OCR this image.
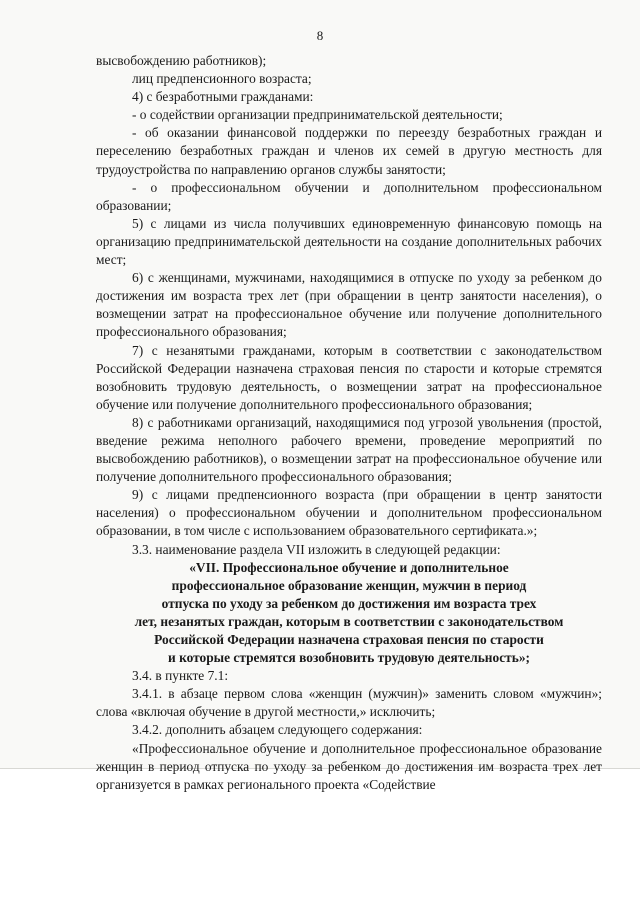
8

высвобождению работников);

лиц предпенсионного возраста;

4) с безработными гражданами:

- о содействии организации предпринимательской деятельности;

- об оказании финансовой поддержки по переезду безработных граждан и переселению безработных граждан и членов их семей в другую местность для трудоустройства по направлению органов службы занятости;

- о профессиональном обучении и дополнительном профессиональном образовании;

5) с лицами из числа получивших единовременную финансовую помощь на организацию предпринимательской деятельности на создание дополнительных рабочих мест;

6) с женщинами, мужчинами, находящимися в отпуске по уходу за ребенком до достижения им возраста трех лет (при обращении в центр занятости населения), о возмещении затрат на профессиональное обучение или получение дополнительного профессионального образования;

7) с незанятыми гражданами, которым в соответствии с законодательством Российской Федерации назначена страховая пенсия по старости и которые стремятся возобновить трудовую деятельность, о возмещении затрат на профессиональное обучение или получение дополнительного профессионального образования;

8) с работниками организаций, находящимися под угрозой увольнения (простой, введение режима неполного рабочего времени, проведение мероприятий по высвобождению работников), о возмещении затрат на профессиональное обучение или получение дополнительного профессионального образования;

9) с лицами предпенсионного возраста (при обращении в центр занятости населения) о профессиональном обучении и дополнительном профессиональном образовании, в том числе с использованием образовательного сертификата.»;

3.3. наименование раздела VII изложить в следующей редакции:

«VII. Профессиональное обучение и дополнительное

профессиональное образование женщин, мужчин в период

отпуска по уходу за ребенком до достижения им возраста трех

лет, незанятых граждан, которым в соответствии с законодательством

Российской Федерации назначена страховая пенсия по старости

и которые стремятся возобновить трудовую деятельность»;

3.4. в пункте 7.1:

3.4.1. в абзаце первом слова «женщин (мужчин)» заменить словом «мужчин»; слова «включая обучение в другой местности,» исключить;

3.4.2. дополнить абзацем следующего содержания:

«Профессиональное обучение и дополнительное профессиональное образование женщин в период отпуска по уходу за ребенком до достижения им возраста трех лет организуется в рамках регионального проекта «Содействие
